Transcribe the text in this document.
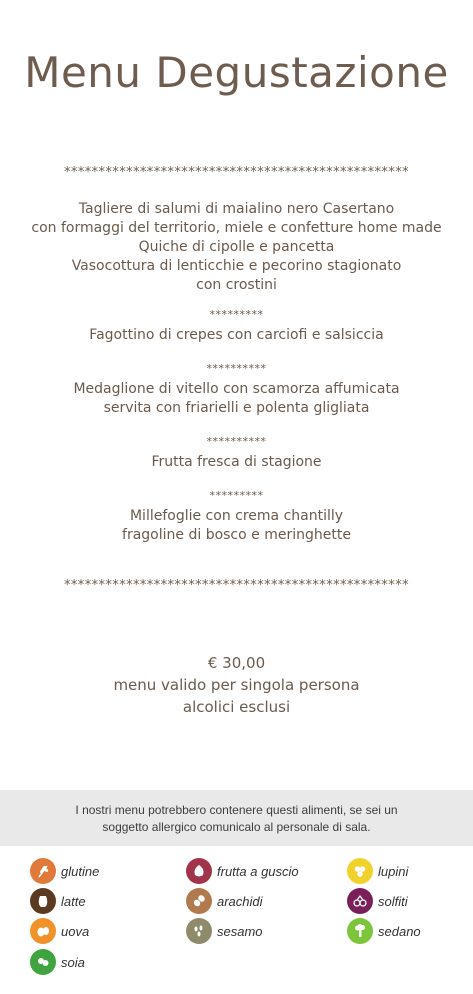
Menu Degustazione
**************************************************
Tagliere di salumi di maialino nero Casertano
con formaggi del territorio, miele e confetture home made
Quiche di cipolle e pancetta
Vasocottura di lenticchie e pecorino stagionato
con crostini
*********
Fagottino di crepes con carciofi e salsiccia
**********
Medaglione di vitello con scamorza affumicata
servita con friarielli e polenta gligliata
**********
Frutta fresca di stagione
*********
Millefoglie con crema chantilly
fragoline di bosco e meringhette
**************************************************
€ 30,00
menu valido per singola persona
alcolici esclusi
I nostri menu potrebbero contenere questi alimenti, se sei un
soggetto allergico comunicalo al personale di sala.
glutine
latte
uova
soia
frutta a guscio
arachidi
sesamo
lupini
solfiti
sedano
